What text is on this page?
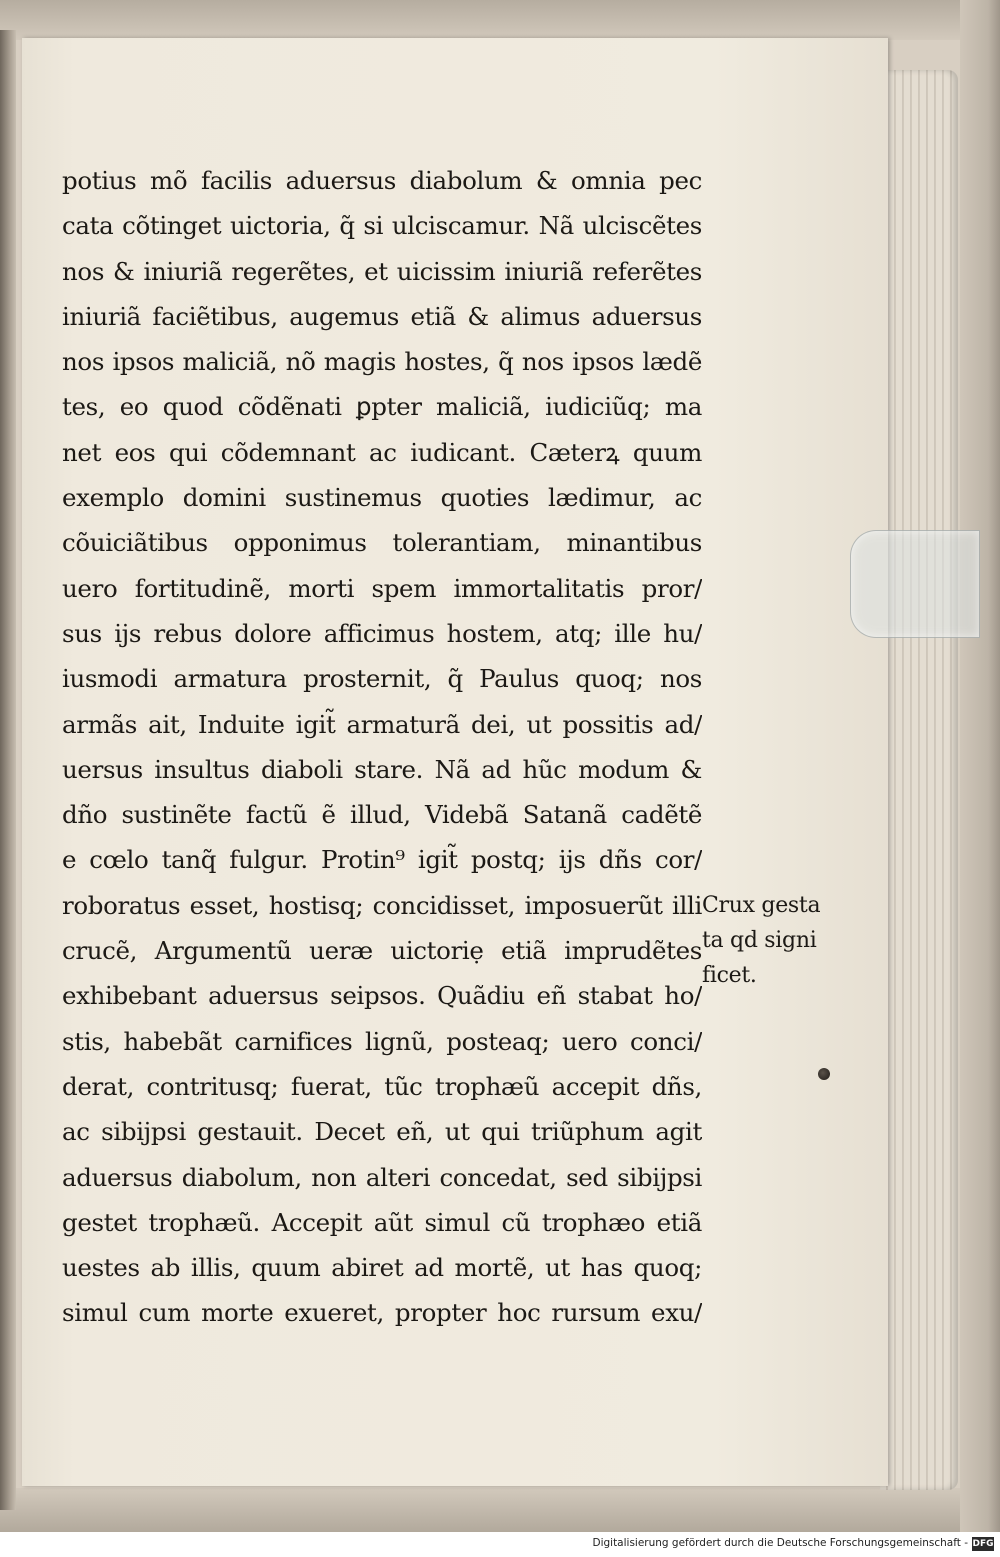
potius mõ facilis aduersus diabolum & omnia pec
cata cõtinget uictoria, q̃ si ulciscamur. Nã ulciscẽtes
nos & iniuriã regerẽtes, et uicissim iniuriã referẽtes
iniuriã faciẽtibus, augemus etiã & alimus aduersus
nos ipsos maliciã, nõ magis hostes, q̃ nos ipsos lædẽ
tes, eo quod cõdẽnati ꝑpter maliciã, iudiciũq; ma
net eos qui cõdemnant ac iudicant. Cæterꝝ quum
exemplo domini sustinemus quoties lædimur, ac
cõuiciãtibus opponimus tolerantiam, minantibus
uero fortitudinẽ, morti spem immortalitatis pror/
sus ijs rebus dolore afficimus hostem, atq; ille hu/
iusmodi armatura prosternit, q̃ Paulus quoq; nos
armãs ait, Induite igit̃ armaturã dei, ut possitis ad/
uersus insultus diaboli stare. Nã ad hũc modum &
dño sustinẽte factũ ẽ illud, Videbã Satanã cadẽtẽ
e cœlo tanq̃ fulgur. Protin⁹ igit̃ postq; ijs dñs cor/
roboratus esset, hostisq; concidisset, imposuerũt illi
crucẽ, Argumentũ ueræ uictoriẹ etiã imprudẽtes
exhibebant aduersus seipsos. Quãdiu eñ stabat ho/
stis, habebãt carnifices lignũ, posteaq; uero conci/
derat, contritusq; fuerat, tũc trophæũ accepit dñs,
ac sibijpsi gestauit. Decet eñ, ut qui triũphum agit
aduersus diabolum, non alteri concedat, sed sibijpsi
gestet trophæũ. Accepit aũt simul cũ trophæo etiã
uestes ab illis, quum abiret ad mortẽ, ut has quoq;
simul cum morte exueret, propter hoc rursum exu/
Crux gesta
ta qd signi
ficet.
Digitalisierung gefördert durch die Deutsche Forschungsgemeinschaft - DFG
